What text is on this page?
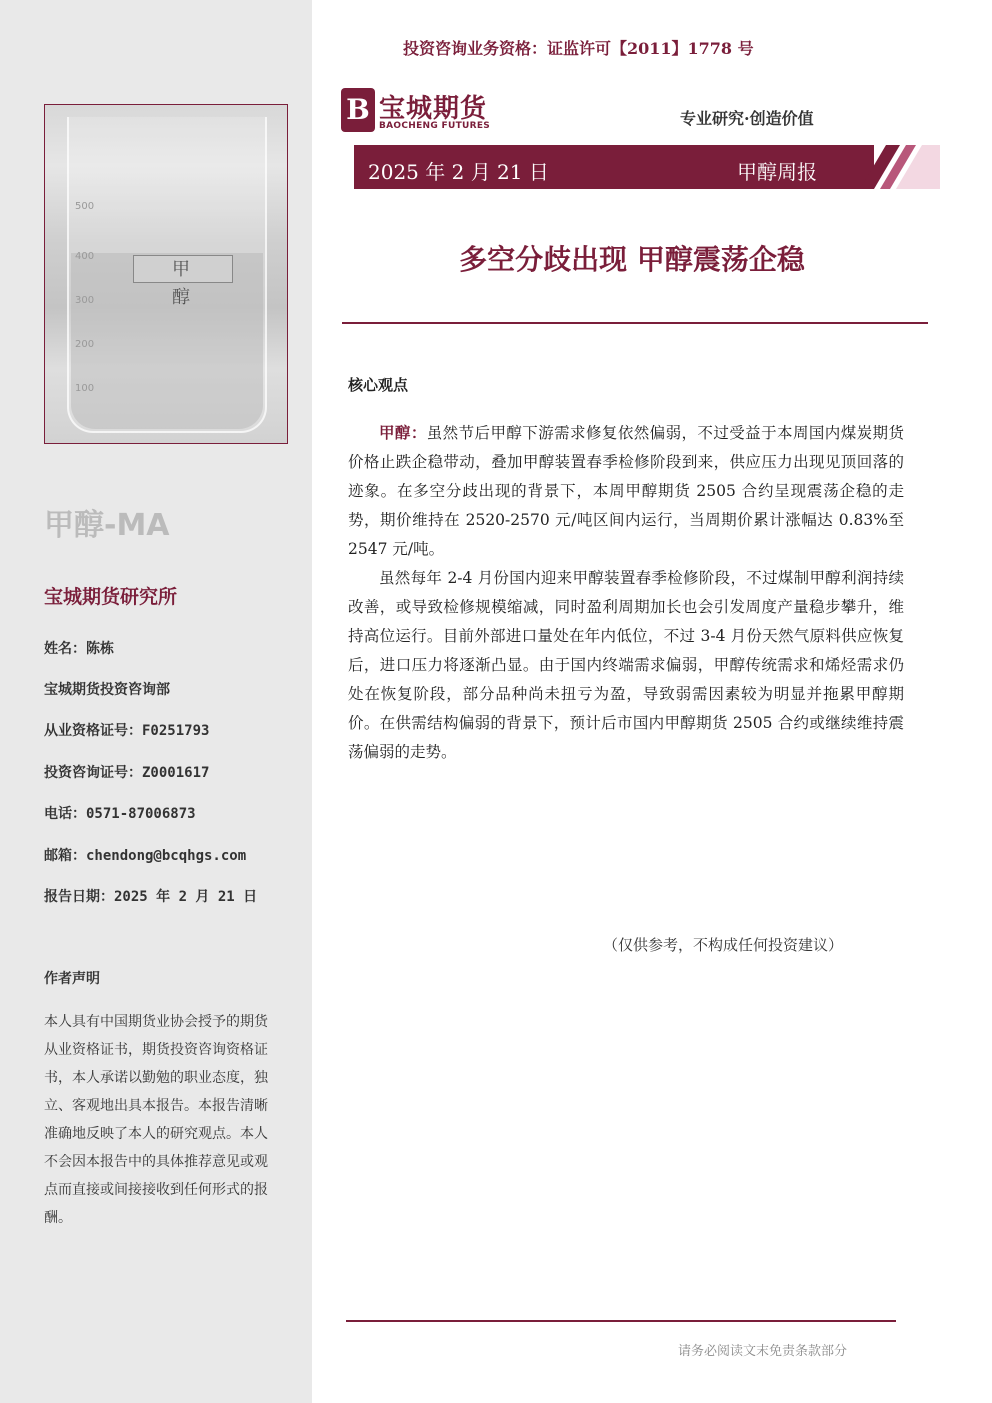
500
400
300
200
100
甲 醇
甲醇-MA
宝城期货研究所
姓名：陈栋
宝城期货投资咨询部
从业资格证号：F0251793
投资咨询证号：Z0001617
电话：0571-87006873
邮箱：chendong@bcqhgs.com
报告日期：2025 年 2 月 21 日
作者声明
本人具有中国期货业协会授予的期货从业资格证书，期货投资咨询资格证书，本人承诺以勤勉的职业态度，独立、客观地出具本报告。本报告清晰准确地反映了本人的研究观点。本人不会因本报告中的具体推荐意见或观点而直接或间接接收到任何形式的报酬。
投资咨询业务资格：证监许可【2011】1778 号
B 宝城期货
BAOCHENG FUTURES	专业研究·创造价值
2025 年 2 月 21 日	甲醇周报
多空分歧出现 甲醇震荡企稳
核心观点

甲醇：虽然节后甲醇下游需求修复依然偏弱，不过受益于本周国内煤炭期货价格止跌企稳带动，叠加甲醇装置春季检修阶段到来，供应压力出现见顶回落的迹象。在多空分歧出现的背景下，本周甲醇期货 2505 合约呈现震荡企稳的走势，期价维持在 2520-2570 元/吨区间内运行，当周期价累计涨幅达 0.83%至 2547 元/吨。

虽然每年 2-4 月份国内迎来甲醇装置春季检修阶段，不过煤制甲醇利润持续改善，或导致检修规模缩减，同时盈利周期加长也会引发周度产量稳步攀升，维持高位运行。目前外部进口量处在年内低位，不过 3-4 月份天然气原料供应恢复后，进口压力将逐渐凸显。由于国内终端需求偏弱，甲醇传统需求和烯烃需求仍处在恢复阶段，部分品种尚未扭亏为盈，导致弱需因素较为明显并拖累甲醇期价。在供需结构偏弱的背景下，预计后市国内甲醇期货 2505 合约或继续维持震荡偏弱的走势。

（仅供参考，不构成任何投资建议）
请务必阅读文末免责条款部分
